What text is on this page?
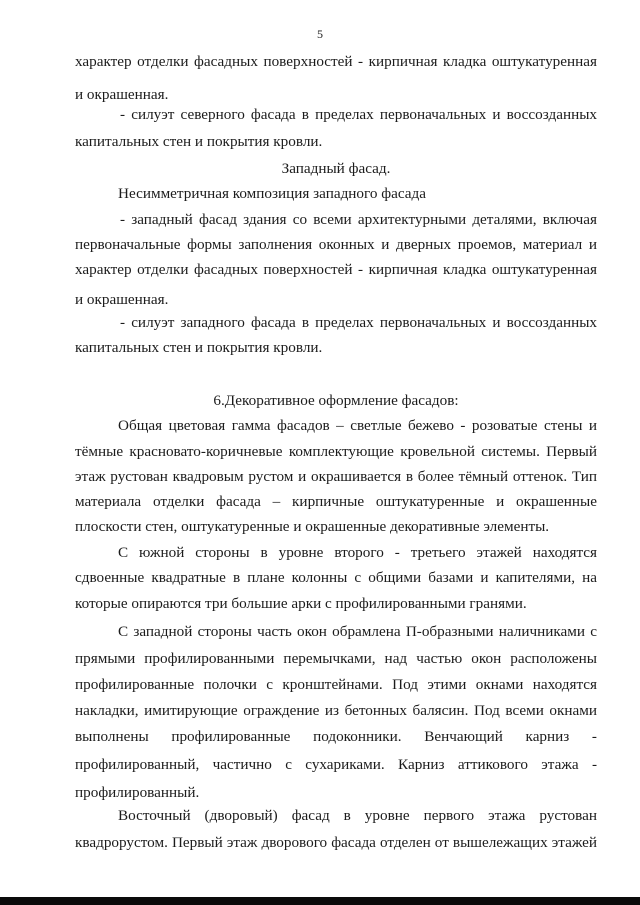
5
характер отделки фасадных поверхностей - кирпичная кладка оштукатуренная
и окрашенная.
- силуэт северного фасада в пределах первоначальных и воссозданных
капитальных стен и покрытия кровли.
Западный фасад.
Несимметричная композиция западного фасада
- западный фасад здания со всеми архитектурными деталями, включая
первоначальные формы заполнения оконных и дверных проемов, материал и
характер отделки фасадных поверхностей - кирпичная кладка оштукатуренная
и окрашенная.
- силуэт западного фасада в пределах первоначальных и воссозданных
капитальных стен и покрытия кровли.
6.Декоративное оформление фасадов:
Общая цветовая гамма фасадов – светлые бежево - розоватые стены и
тёмные красновато-коричневые комплектующие кровельной системы. Первый
этаж рустован квадровым рустом и окрашивается в более тёмный оттенок. Тип
материала отделки фасада – кирпичные оштукатуренные и окрашенные
плоскости стен, оштукатуренные и окрашенные декоративные элементы.
С южной стороны в уровне второго - третьего этажей находятся
сдвоенные квадратные в плане колонны с общими базами и капителями, на
которые опираются три большие арки с профилированными гранями.
С западной стороны часть окон обрамлена П-образными наличниками с
прямыми профилированными перемычками, над частью окон расположены
профилированные полочки с кронштейнами. Под этими окнами находятся
накладки, имитирующие ограждение из бетонных балясин. Под всеми окнами
выполнены профилированные подоконники. Венчающий карниз -
профилированный, частично с сухариками. Карниз аттикового этажа -
профилированный.
Восточный (дворовый) фасад в уровне первого этажа рустован
квадрорустом. Первый этаж дворового фасада отделен от вышележащих этажей
